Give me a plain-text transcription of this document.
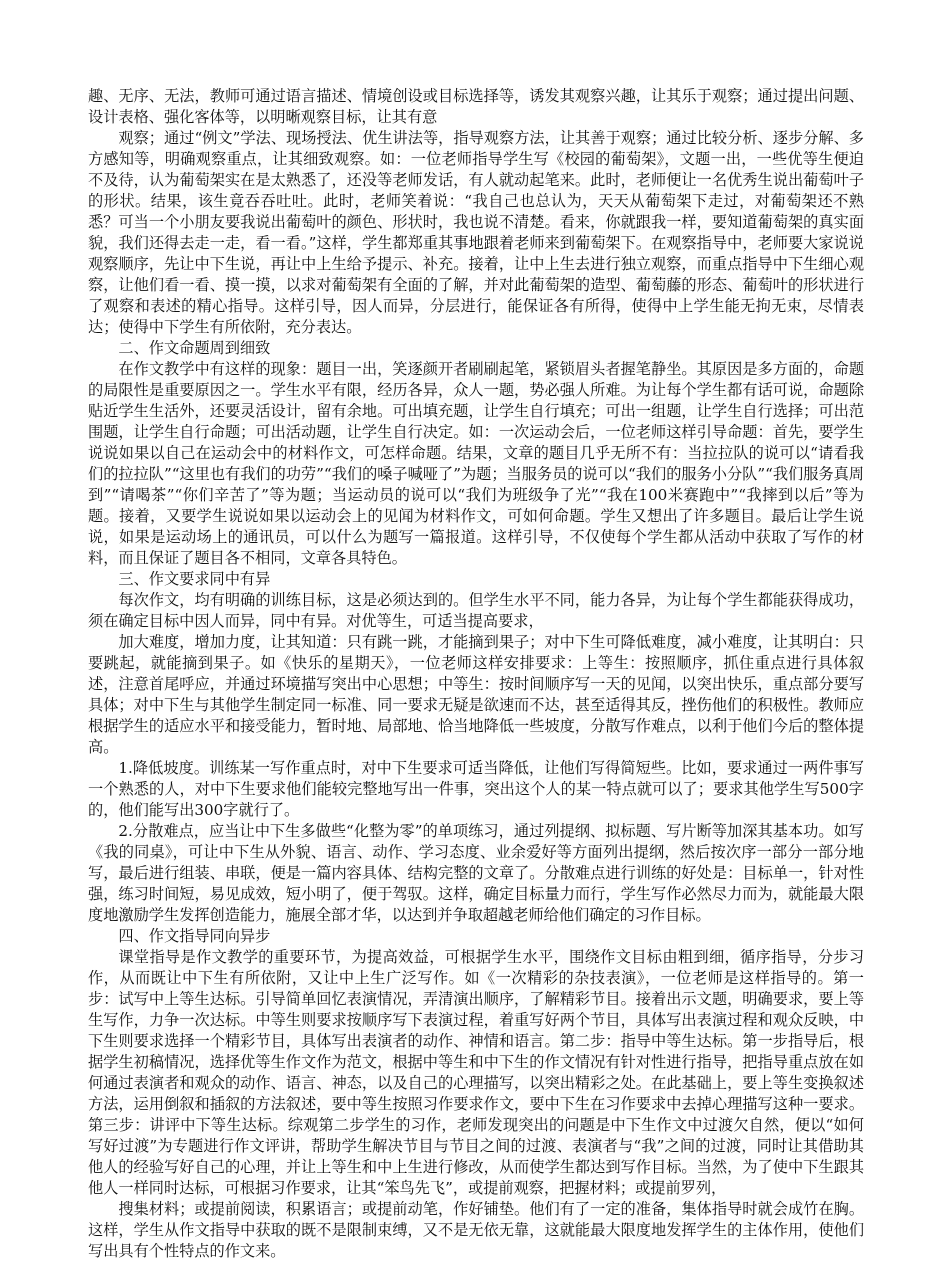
趣、无序、无法，教师可通过语言描述、情境创设或目标选择等，诱发其观察兴趣，让其乐于观察；通过提出问题、设计表格、强化客体等，以明晰观察目标，让其有意

观察；通过“例文”学法、现场授法、优生讲法等，指导观察方法，让其善于观察；通过比较分析、逐步分解、多方感知等，明确观察重点，让其细致观察。如：一位老师指导学生写《校园的葡萄架》，文题一出，一些优等生便迫不及待，认为葡萄架实在是太熟悉了，还没等老师发话，有人就动起笔来。此时，老师便让一名优秀生说出葡萄叶子的形状。结果，该生竟吞吞吐吐。此时，老师笑着说：“我自己也总认为，天天从葡萄架下走过，对葡萄架还不熟悉？可当一个小朋友要我说出葡萄叶的颜色、形状时，我也说不清楚。看来，你就跟我一样，要知道葡萄架的真实面貌，我们还得去走一走，看一看。”这样，学生都郑重其事地跟着老师来到葡萄架下。在观察指导中，老师要大家说说观察顺序，先让中下生说，再让中上生给予提示、补充。接着，让中上生去进行独立观察，而重点指导中下生细心观察，让他们看一看、摸一摸，以求对葡萄架有全面的了解，并对此葡萄架的造型、葡萄藤的形态、葡萄叶的形状进行了观察和表述的精心指导。这样引导，因人而异，分层进行，能保证各有所得，使得中上学生能无拘无束，尽情表达；使得中下学生有所依附，充分表达。

二、作文命题周到细致

在作文教学中有这样的现象：题目一出，笑逐颜开者刷刷起笔，紧锁眉头者握笔静坐。其原因是多方面的，命题的局限性是重要原因之一。学生水平有限，经历各异，众人一题，势必强人所难。为让每个学生都有话可说，命题除贴近学生生活外，还要灵活设计，留有余地。可出填充题，让学生自行填充；可出一组题，让学生自行选择；可出范围题，让学生自行命题；可出活动题，让学生自行决定。如：一次运动会后，一位老师这样引导命题：首先，要学生说说如果以自己在运动会中的材料作文，可怎样命题。结果，文章的题目几乎无所不有：当拉拉队的说可以“请看我们的拉拉队”“这里也有我们的功劳”“我们的嗓子喊哑了”为题；当服务员的说可以“我们的服务小分队”“我们服务真周到”“请喝茶”“你们辛苦了”等为题；当运动员的说可以“我们为班级争了光”“我在100米赛跑中”“我摔到以后”等为题。接着，又要学生说说如果以运动会上的见闻为材料作文，可如何命题。学生又想出了许多题目。最后让学生说说，如果是运动场上的通讯员，可以什么为题写一篇报道。这样引导，不仅使每个学生都从活动中获取了写作的材料，而且保证了题目各不相同，文章各具特色。

三、作文要求同中有异

每次作文，均有明确的训练目标，这是必须达到的。但学生水平不同，能力各异，为让每个学生都能获得成功，须在确定目标中因人而异，同中有异。对优等生，可适当提高要求，

加大难度，增加力度，让其知道：只有跳一跳，才能摘到果子；对中下生可降低难度，减小难度，让其明白：只要跳起，就能摘到果子。如《快乐的星期天》，一位老师这样安排要求：上等生：按照顺序，抓住重点进行具体叙述，注意首尾呼应，并通过环境描写突出中心思想；中等生：按时间顺序写一天的见闻，以突出快乐，重点部分要写具体；对中下生与其他学生制定同一标准、同一要求无疑是欲速而不达，甚至适得其反，挫伤他们的积极性。教师应根据学生的适应水平和接受能力，暂时地、局部地、恰当地降低一些坡度，分散写作难点，以利于他们今后的整体提高。

1.降低坡度。训练某一写作重点时，对中下生要求可适当降低，让他们写得简短些。比如，要求通过一两件事写一个熟悉的人，对中下生要求他们能较完整地写出一件事，突出这个人的某一特点就可以了；要求其他学生写500字的，他们能写出300字就行了。

2.分散难点，应当让中下生多做些“化整为零”的单项练习，通过列提纲、拟标题、写片断等加深其基本功。如写《我的同桌》，可让中下生从外貌、语言、动作、学习态度、业余爱好等方面列出提纲，然后按次序一部分一部分地写，最后进行组装、串联，便是一篇内容具体、结构完整的文章了。分散难点进行训练的好处是：目标单一，针对性强，练习时间短，易见成效，短小明了，便于驾驭。这样，确定目标量力而行，学生写作必然尽力而为，就能最大限度地激励学生发挥创造能力，施展全部才华，以达到并争取超越老师给他们确定的习作目标。

四、作文指导同向异步

课堂指导是作文教学的重要环节，为提高效益，可根据学生水平，围绕作文目标由粗到细，循序指导，分步习作，从而既让中下生有所依附，又让中上生广泛写作。如《一次精彩的杂技表演》，一位老师是这样指导的。第一步：试写中上等生达标。引导简单回忆表演情况，弄清演出顺序，了解精彩节目。接着出示文题，明确要求，要上等生写作，力争一次达标。中等生则要求按顺序写下表演过程，着重写好两个节目，具体写出表演过程和观众反映，中下生则要求选择一个精彩节目，具体写出表演者的动作、神情和语言。第二步：指导中等生达标。第一步指导后，根据学生初稿情况，选择优等生作文作为范文，根据中等生和中下生的作文情况有针对性进行指导，把指导重点放在如何通过表演者和观众的动作、语言、神态，以及自己的心理描写，以突出精彩之处。在此基础上，要上等生变换叙述方法，运用倒叙和插叙的方法叙述，要中等生按照习作要求作文，要中下生在习作要求中去掉心理描写这种一要求。第三步：讲评中下等生达标。综观第二步学生的习作，老师发现突出的问题是中下生作文中过渡欠自然，便以“如何写好过渡”为专题进行作文评讲，帮助学生解决节目与节目之间的过渡、表演者与“我”之间的过渡，同时让其借助其他人的经验写好自己的心理，并让上等生和中上生进行修改，从而使学生都达到写作目标。当然，为了使中下生跟其他人一样同时达标，可根据习作要求，让其“笨鸟先飞”，或提前观察，把握材料；或提前罗列，

搜集材料；或提前阅读，积累语言；或提前动笔，作好铺垫。他们有了一定的准备，集体指导时就会成竹在胸。这样，学生从作文指导中获取的既不是限制束缚，又不是无依无靠，这就能最大限度地发挥学生的主体作用，使他们写出具有个性特点的作文来。
